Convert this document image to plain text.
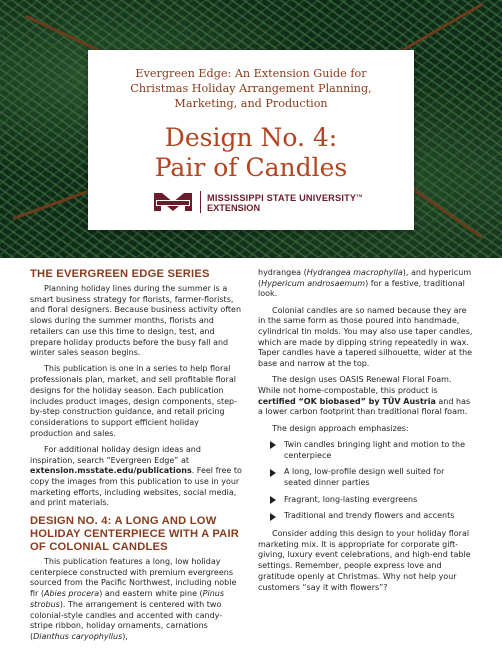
Evergreen Edge: An Extension Guide for Christmas Holiday Arrangement Planning, Marketing, and Production
Design No. 4:
Pair of Candles
MISSISSIPPI STATE UNIVERSITY™
EXTENSION
THE EVERGREEN EDGE SERIES

Planning holiday lines during the summer is a smart business strategy for florists, farmer-florists, and floral designers. Because business activity often slows during the summer months, florists and retailers can use this time to design, test, and prepare holiday products before the busy fall and winter sales season begins.

This publication is one in a series to help floral professionals plan, market, and sell profitable floral designs for the holiday season. Each publication includes product images, design components, step-by-step construction guidance, and retail pricing considerations to support efficient holiday production and sales.

For additional holiday design ideas and inspiration, search “Evergreen Edge” at extension.msstate.edu/publications. Feel free to copy the images from this publication to use in your marketing efforts, including websites, social media, and print materials.

DESIGN NO. 4: A LONG AND LOW HOLIDAY CENTERPIECE WITH A PAIR OF COLONIAL CANDLES

This publication features a long, low holiday centerpiece constructed with premium evergreens sourced from the Pacific Northwest, including noble fir (Abies procera) and eastern white pine (Pinus strobus). The arrangement is centered with two colonial-style candles and accented with candy-stripe ribbon, holiday ornaments, carnations (Dianthus caryophyllus),

hydrangea (Hydrangea macrophylla), and hypericum (Hypericum androsaemum) for a festive, traditional look.

Colonial candles are so named because they are in the same form as those poured into handmade, cylindrical tin molds. You may also use taper candles, which are made by dipping string repeatedly in wax. Taper candles have a tapered silhouette, wider at the base and narrow at the top.

The design uses OASIS Renewal Floral Foam. While not home-compostable, this product is certified “OK biobased” by TÜV Austria and has a lower carbon footprint than traditional floral foam.

The design approach emphasizes:

Twin candles bringing light and motion to the centerpiece
A long, low-profile design well suited for seated dinner parties
Fragrant, long-lasting evergreens
Traditional and trendy flowers and accents

Consider adding this design to your holiday floral marketing mix. It is appropriate for corporate gift-giving, luxury event celebrations, and high-end table settings. Remember, people express love and gratitude openly at Christmas. Why not help your customers “say it with flowers”?
